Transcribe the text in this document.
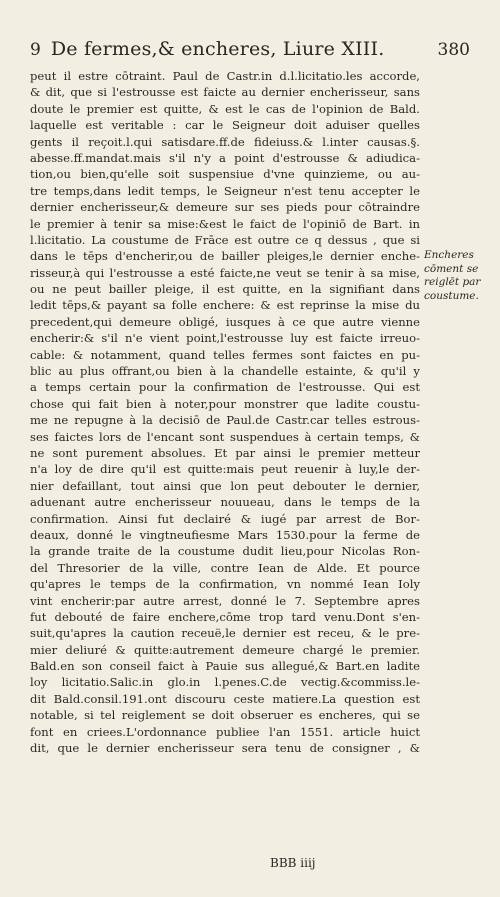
9 De fermes,& encheres, Liure XIII.	380
peut il estre cōtraint. Paul de Castr.in d.l.licitatio.les accorde,
& dit, que si l'estrousse est faicte au dernier encherisseur, sans
doute le premier est quitte, & est le cas de l'opinion de Bald.
laquelle est veritable : car le Seigneur doit aduiser quelles
gents il reçoit.l.qui satisdare.ff.de fideiuss.& l.inter causas.§.
abesse.ff.mandat.mais s'il n'y a point d'estrousse & adiudica-
tion,ou bien,qu'elle soit suspensiue d'vne quinzieme, ou au-
tre temps,dans ledit temps, le Seigneur n'est tenu accepter le
dernier encherisseur,& demeure sur ses pieds pour cōtraindre
le premier à tenir sa mise:&est le faict de l'opiniō de Bart. in
l.licitatio. La coustume de Frāce est outre ce q dessus , que si
dans le tēps d'encherir,ou de bailler pleiges,le dernier enche-
risseur,à qui l'estrousse a esté faicte,ne veut se tenir à sa mise,
ou ne peut bailler pleige, il est quitte, en la signifiant dans
ledit tēps,& payant sa folle enchere: & est reprinse la mise du
precedent,qui demeure obligé, iusques à ce que autre vienne
encherir:& s'il n'e vient point,l'estrousse luy est faicte irreuo-
cable: & notamment, quand telles fermes sont faictes en pu-
blic au plus offrant,ou bien à la chandelle estainte, & qu'il y
a temps certain pour la confirmation de l'estrousse. Qui est
chose qui fait bien à noter,pour monstrer que ladite coustu-
me ne repugne à la decisiō de Paul.de Castr.car telles estrous-
ses faictes lors de l'encant sont suspendues à certain temps, &
ne sont purement absolues. Et par ainsi le premier metteur
n'a loy de dire qu'il est quitte:mais peut reuenir à luy,le der-
nier defaillant, tout ainsi que lon peut debouter le dernier,
aduenant autre encherisseur nouueau, dans le temps de la
confirmation. Ainsi fut declairé & iugé par arrest de Bor-
deaux, donné le vingtneufiesme Mars 1530.pour la ferme de
la grande traite de la coustume dudit lieu,pour Nicolas Ron-
del Thresorier de la ville, contre Iean de Alde. Et pource
qu'apres le temps de la confirmation, vn nommé Iean Ioly
vint encherir:par autre arrest, donné le 7. Septembre apres
fut debouté de faire enchere,cōme trop tard venu.Dont s'en-
suit,qu'apres la caution receuë,le dernier est receu, & le pre-
mier deliuré & quitte:autrement demeure chargé le premier.
Bald.en son conseil faict à Pauie sus allegué,& Bart.en ladite
loy licitatio.Salic.in glo.in l.penes.C.de vectig.&commiss.le-
dit Bald.consil.191.ont discouru ceste matiere.La question est
notable, si tel reiglement se doit obseruer es encheres, qui se
font en criees.L'ordonnance publiee l'an 1551. article huict
dit, que le dernier encherisseur sera tenu de consigner , &
Encheres
cōment se
reiglēt par
coustume.
BBB iiij
